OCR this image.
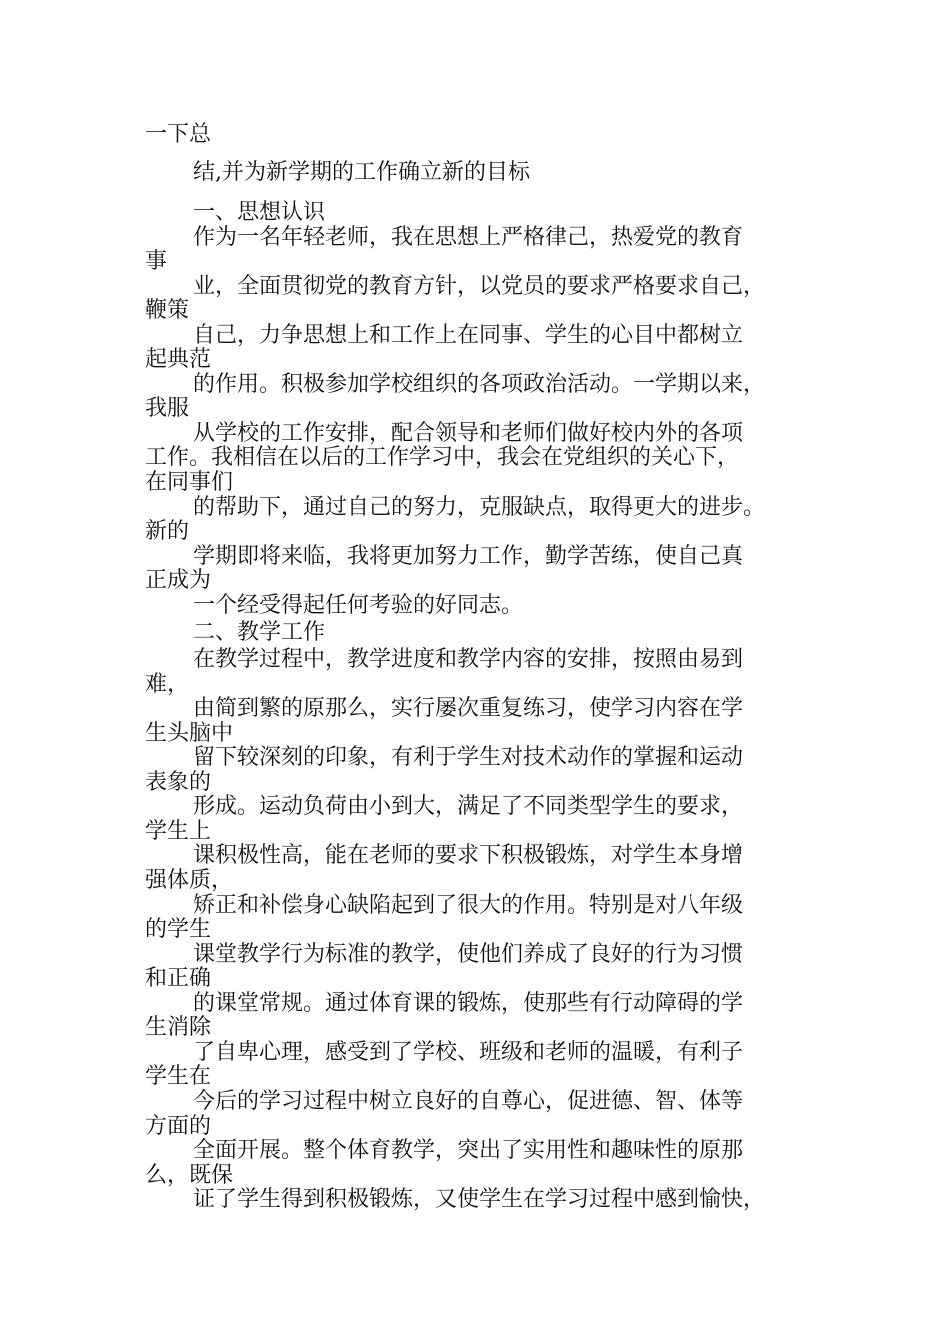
一下总
结,并为新学期的工作确立新的目标
一、思想认识
作为一名年轻老师，我在思想上严格律己，热爱党的教育
事
业，全面贯彻党的教育方针，以党员的要求严格要求自己，
鞭策
自己，力争思想上和工作上在同事、学生的心目中都树立
起典范
的作用。积极参加学校组织的各项政治活动。一学期以来，
我服
从学校的工作安排，配合领导和老师们做好校内外的各项
工作。我相信在以后的工作学习中，我会在党组织的关心下，
在同事们
的帮助下，通过自己的努力，克服缺点，取得更大的进步。
新的
学期即将来临，我将更加努力工作，勤学苦练，使自己真
正成为
一个经受得起任何考验的好同志。
二、教学工作
在教学过程中，教学进度和教学内容的安排，按照由易到
难，
由简到繁的原那么，实行屡次重复练习，使学习内容在学
生头脑中
留下较深刻的印象，有利于学生对技术动作的掌握和运动
表象的
形成。运动负荷由小到大，满足了不同类型学生的要求，
学生上
课积极性高，能在老师的要求下积极锻炼，对学生本身增
强体质，
矫正和补偿身心缺陷起到了很大的作用。特别是对八年级
的学生
课堂教学行为标准的教学，使他们养成了良好的行为习惯
和正确
的课堂常规。通过体育课的锻炼，使那些有行动障碍的学
生消除
了自卑心理，感受到了学校、班级和老师的温暖，有利子
学生在
今后的学习过程中树立良好的自尊心，促进德、智、体等
方面的
全面开展。整个体育教学，突出了实用性和趣味性的原那
么，既保
证了学生得到积极锻炼，又使学生在学习过程中感到愉快，
